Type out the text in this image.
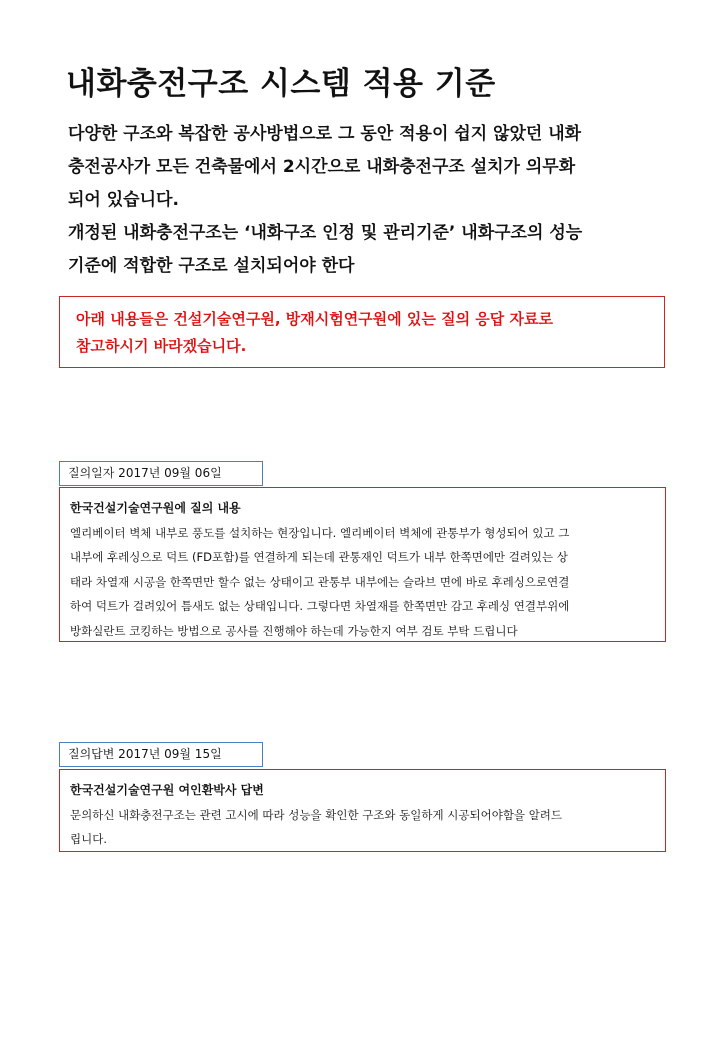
내화충전구조 시스템 적용 기준

다양한 구조와 복잡한 공사방법으로 그 동안 적용이 쉽지 않았던 내화

충전공사가 모든 건축물에서 2시간으로 내화충전구조 설치가 의무화

되어 있습니다.

개정된 내화충전구조는 ‘내화구조 인정 및 관리기준’ 내화구조의 성능

기준에 적합한 구조로 설치되어야 한다

아래 내용들은 건설기술연구원, 방재시험연구원에 있는 질의 응답 자료로
참고하시기 바라겠습니다.

질의일자 2017년 09월 06일

한국건설기술연구원에 질의 내용

엘리베이터 벽체 내부로 풍도를 설치하는 현장입니다. 엘리베이터 벽체에 관통부가 형성되어 있고 그
내부에 후레싱으로 덕트 (FD포함)를 연결하게 되는데 관통재인 덕트가 내부 한쪽면에만 걸려있는 상
태라 차열재 시공을 한쪽면만 할수 없는 상태이고 관통부 내부에는 슬라브 면에 바로 후레싱으로연결
하여 덕트가 걸려있어 틈새도 없는 상태입니다. 그렇다면 차열재를 한쪽면만 감고 후레싱 연결부위에
방화실란트 코킹하는 방법으로 공사를 진행해야 하는데 가능한지 여부 검토 부탁 드립니다

질의답변 2017년 09월 15일

한국건설기술연구원 여인환박사 답변

문의하신 내화충전구조는 관련 고시에 따라 성능을 확인한 구조와 동일하게 시공되어야함을 알려드
립니다.
